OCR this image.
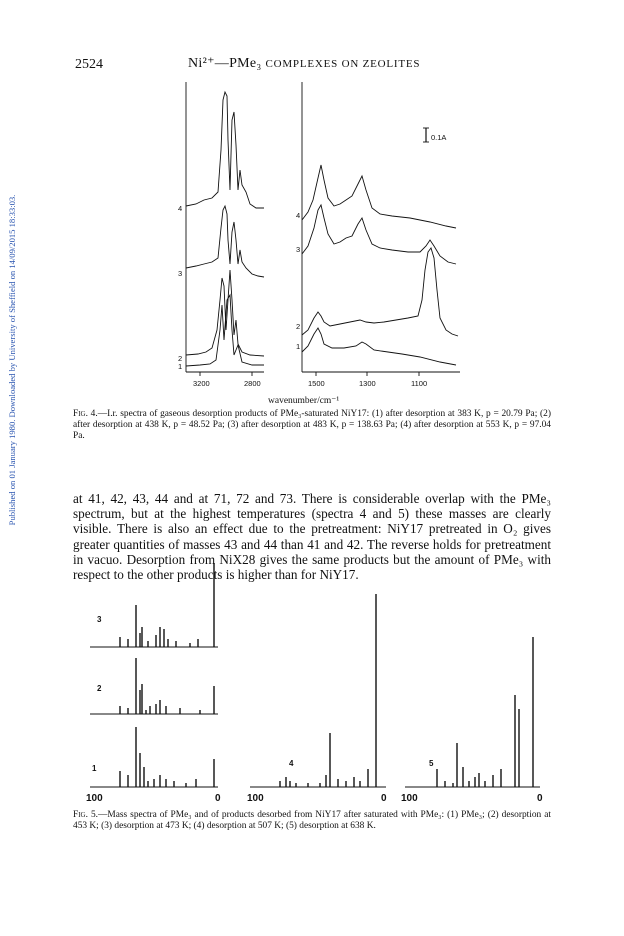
Published on 01 January 1980. Downloaded by University of Sheffield on 14/09/2015 18:33:03.
2524	Ni²⁺—PMe₃ COMPLEXES ON ZEOLITES
0.1A
1
2
3
4
1
2
3
4
3200	2800	1500	1300	1100
wavenumber/cm⁻¹
Fig. 4.—I.r. spectra of gaseous desorption products of PMe₃-saturated NiY17: (1) after desorption at 383 K, p = 20.79 Pa; (2) after desorption at 438 K, p = 48.52 Pa; (3) after desorption at 483 K, p = 138.63 Pa; (4) after desorption at 553 K, p = 97.04 Pa.
at 41, 42, 43, 44 and at 71, 72 and 73. There is considerable overlap with the PMe₃ spectrum, but at the highest temperatures (spectra 4 and 5) these masses are clearly visible. There is also an effect due to the pretreatment: NiY17 pretreated in O₂ gives greater quantities of masses 43 and 44 than 41 and 42. The reverse holds for pretreatment in vacuo. Desorption from NiX28 gives the same products but the amount of PMe₃ with respect to the other products is higher than for NiY17.
3
2
1
4	5
100	0	100	0 100	0
Fig. 5.—Mass spectra of PMe₃ and of products desorbed from NiY17 after saturated with PMe₃: (1) PMe₃; (2) desorption at 453 K; (3) desorption at 473 K; (4) desorption at 507 K; (5) desorption at 638 K.
